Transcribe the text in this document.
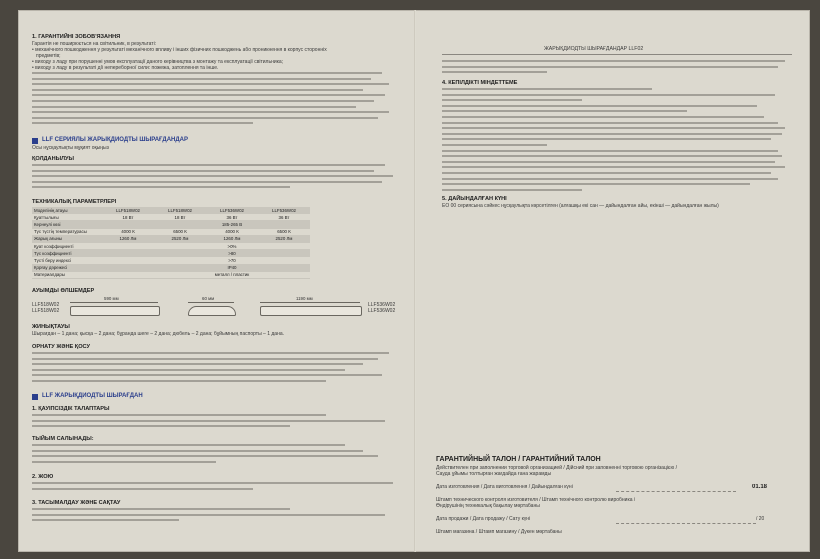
1. ГАРАНТИЙНІ ЗОБОВ'ЯЗАННЯ
Гарантія не поширюється на світильник, в результаті:
• механічного пошкодження у результаті механічного впливу і інших фізичних пошкоджень або проникнення в корпус сторонніх
предметів;
• виходу з ладу при порушенні умов експлуатації даного керівництва з монтажу та експлуатації світильника;
• виходу з ладу в результаті дії непереборної сили: пожежа, затоплення та інше.
LLF СЕРИЯЛЫ ЖАРЫҚДИОДТЫ ШЫРАҒДАНДАР
Осы нұсқаулықты мұқият оқыңыз
ҚОЛДАНЫЛУЫ
ТЕХНИКАЛЫҚ ПАРАМЕТРЛЕРІ
Моделінің атауы	LLF518W02	LLF518W02	LLF536W02	LLF536W02
Қуаттылығы	18 Вт	18 Вт	36 Вт	36 Вт
Кернеулі көзі			185-265 В	
Түс түстің температурасы	4000 К	6500 К	4000 К	6500 К
Жарық ағыны	1260 Лм	2520 Лм	1260 Лм	2520 Лм
Қуат коэффициенті			>0%	
Түс коэффициенті			>80	
Түсті беру индексі			>70	
Қорғау дәрежесі			IP40	
Материалдары			металл / пластик	
АУЫМДЫ ӨЛШЕМДЕР
LLF518W02
LLF518W02
590 мм	60 мм	1190 мм
LLF536W02
LLF536W02
ЖИНЫҚТАУЫ
Шырағдан – 1 дана; қысқа – 2 дана; бұранда шеге – 2 дана; дюбель – 2 дана; бұйымның паспорты – 1 дана.
ОРНАТУ ЖӘНЕ ҚОСУ
LLF ЖАРЫҚДИОДТЫ ШЫРАҒДАН
1. ҚАУІПСІЗДІК ТАЛАПТАРЫ
ТЫЙЫМ САЛЫНАДЫ:
2. ЖОЮ
3. ТАСЫМАЛДАУ ЖӘНЕ САҚТАУ
ЖАРЫҚДИОДТЫ ШЫРАҒДАНДАР LLF02
4. КЕПІЛДІКТІ МІНДЕТТЕМЕ
5. ДАЙЫНДАЛҒАН КҮНІ
ЕО 00 сериясына сәйкес нұсқаулықта көрсетілген (алғашқы екі сан — дайындалған айы, екінші — дайындалған жылы)
ГАРАНТИЙНЫЙ ТАЛОН / ГАРАНТИЙНИЙ ТАЛОН
Действителен при заполнении торговой организацией / Дійсний при заповненні торговою організацією /
Сауда ұйымы толтырған жағдайда ғана жарамды
Дата изготовления / Дата виготовлення / Дайындалған күні	01.18
Штамп технического контроля изготовителя / Штамп технічного контролю виробника /
Өндірушінің техникалық бақылау мөртабаны
Дата продажи / Дата продажу / Сату күні	/ 20
Штамп магазина / Штамп магазину / Дүкен мөртабаны
